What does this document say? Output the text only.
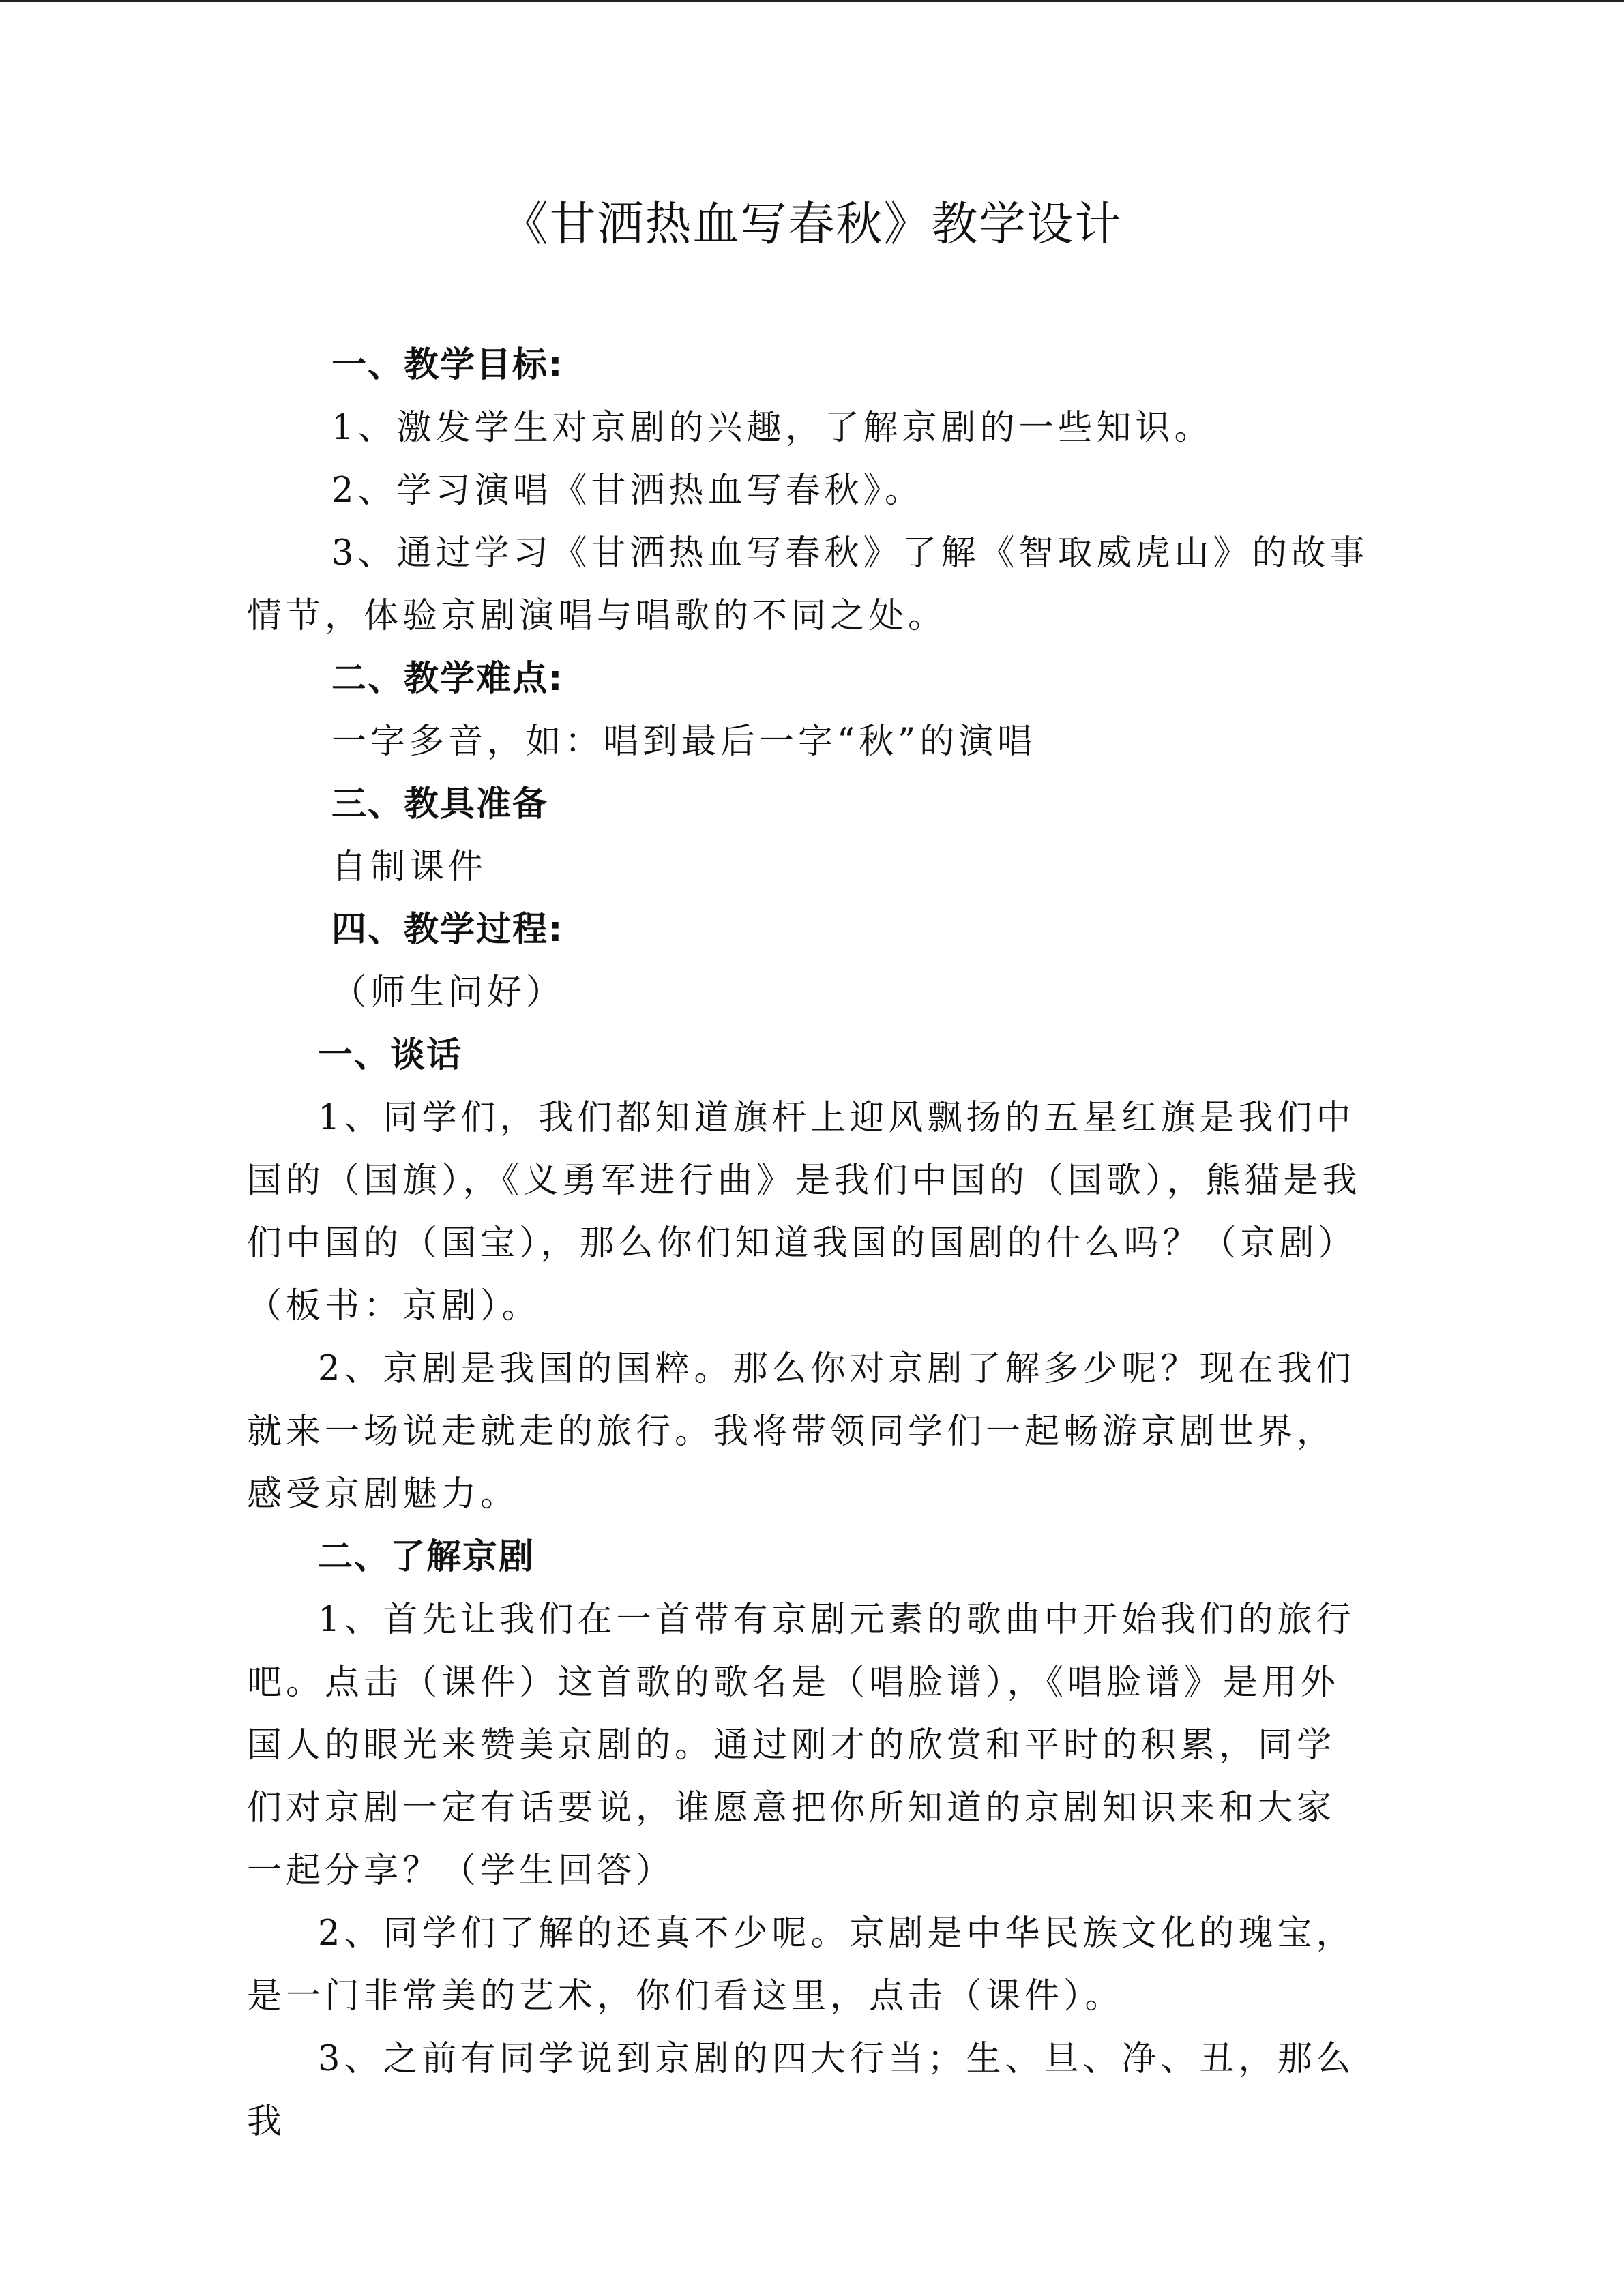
《甘洒热血写春秋》教学设计

一、教学目标:

1、激发学生对京剧的兴趣，了解京剧的一些知识。

2、学习演唱《甘洒热血写春秋》。

3、通过学习《甘洒热血写春秋》了解《智取威虎山》的故事情节，体验京剧演唱与唱歌的不同之处。

二、教学难点:

一字多音，如：唱到最后一字“秋”的演唱

三、教具准备

自制课件

四、教学过程:

（师生问好）

一、谈话

1、同学们，我们都知道旗杆上迎风飘扬的五星红旗是我们中国的（国旗），《义勇军进行曲》是我们中国的（国歌），熊猫是我们中国的（国宝），那么你们知道我国的国剧的什么吗？（京剧）（板书：京剧）。

2、京剧是我国的国粹。那么你对京剧了解多少呢？现在我们就来一场说走就走的旅行。我将带领同学们一起畅游京剧世界，感受京剧魅力。

二、了解京剧

1、首先让我们在一首带有京剧元素的歌曲中开始我们的旅行吧。点击（课件）这首歌的歌名是（唱脸谱），《唱脸谱》是用外国人的眼光来赞美京剧的。通过刚才的欣赏和平时的积累，同学们对京剧一定有话要说，谁愿意把你所知道的京剧知识来和大家一起分享？（学生回答）

2、同学们了解的还真不少呢。京剧是中华民族文化的瑰宝，是一门非常美的艺术，你们看这里，点击（课件）。

3、之前有同学说到京剧的四大行当；生、旦、净、丑，那么我
